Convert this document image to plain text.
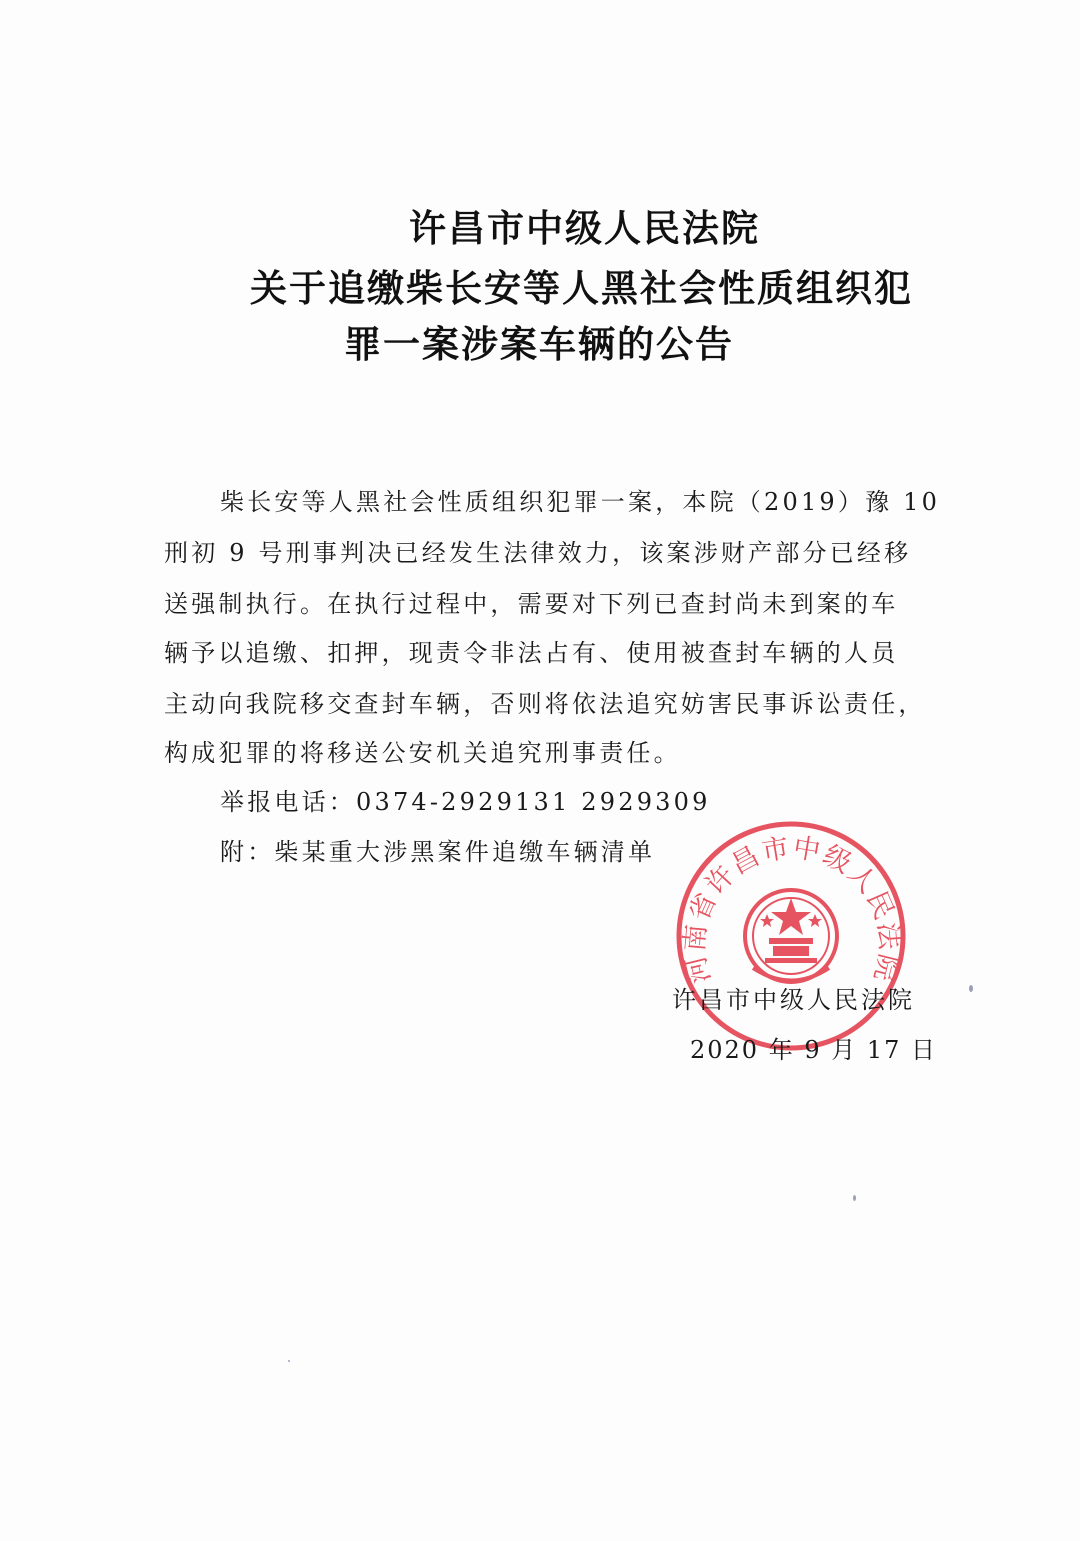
许昌市中级人民法院
关于追缴柴长安等人黑社会性质组织犯
罪一案涉案车辆的公告
柴长安等人黑社会性质组织犯罪一案，本院（2019）豫 10
刑初 9 号刑事判决已经发生法律效力，该案涉财产部分已经移
送强制执行。在执行过程中，需要对下列已查封尚未到案的车
辆予以追缴、扣押，现责令非法占有、使用被查封车辆的人员
主动向我院移交查封车辆，否则将依法追究妨害民事诉讼责任，
构成犯罪的将移送公安机关追究刑事责任。
举报电话：0374-2929131 2929309
附：柴某重大涉黑案件追缴车辆清单
河南省许昌市中级人民法院
许昌市中级人民法院
2020 年 9 月 17 日
